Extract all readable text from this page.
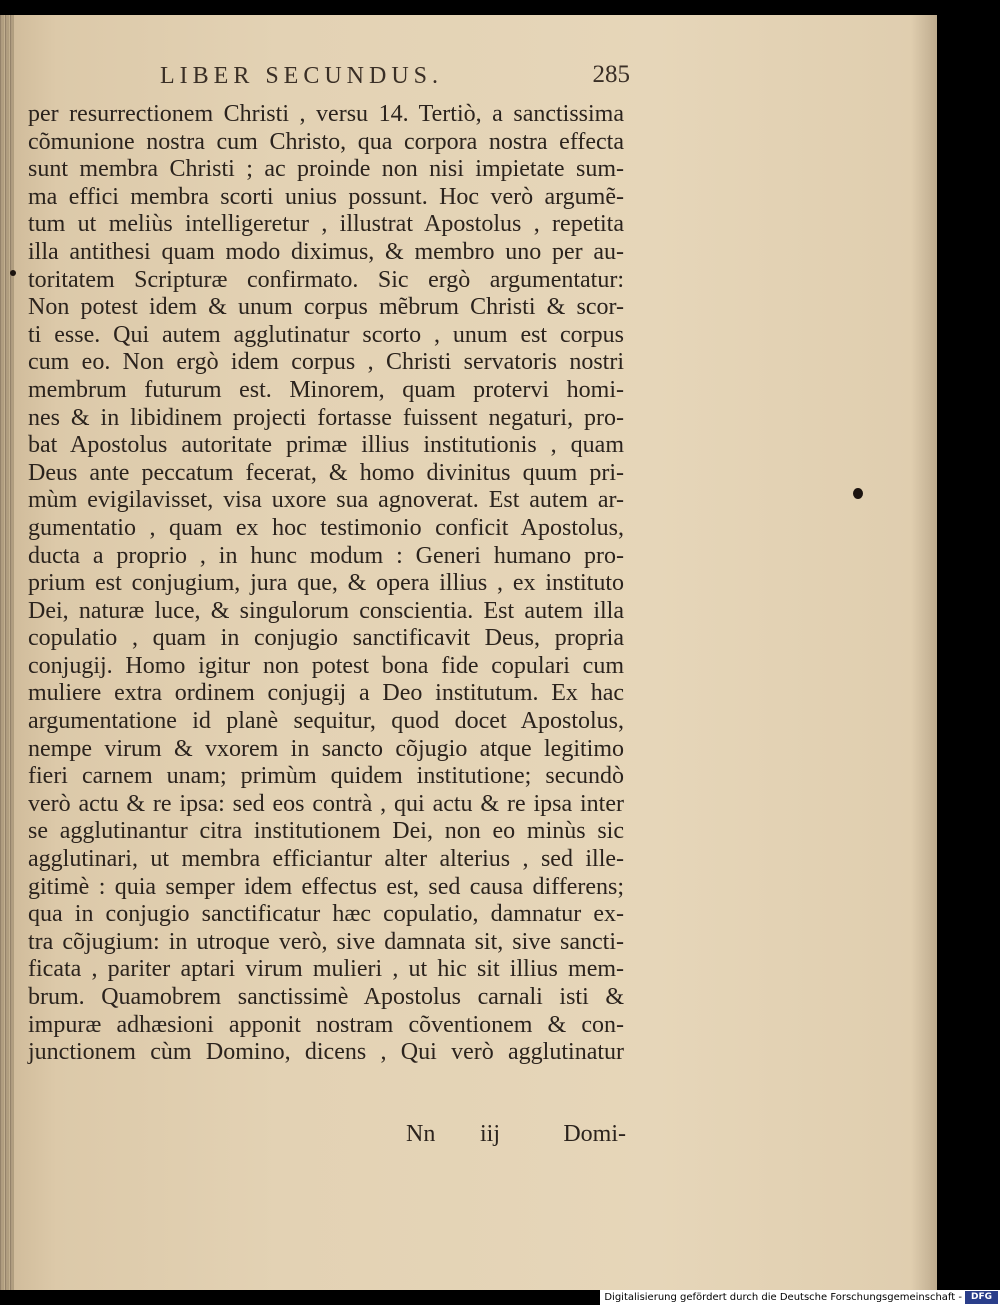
LIBER SECUNDUS.	285
per resurrectionem Christi , versu 14. Tertiò, a sanctissima
cõmunione nostra cum Christo, qua corpora nostra effecta
sunt membra Christi ; ac proinde non nisi impietate sum-
ma effici membra scorti unius possunt. Hoc verò argumẽ-
tum ut meliùs intelligeretur , illustrat Apostolus , repetita
illa antithesi quam modo diximus, & membro uno per au-
toritatem Scripturæ confirmato. Sic ergò argumentatur:
Non potest idem & unum corpus mẽbrum Christi & scor-
ti esse. Qui autem agglutinatur scorto , unum est corpus
cum eo. Non ergò idem corpus , Christi servatoris nostri
membrum futurum est. Minorem, quam protervi homi-
nes & in libidinem projecti fortasse fuissent negaturi, pro-
bat Apostolus autoritate primæ illius institutionis , quam
Deus ante peccatum fecerat, & homo divinitus quum pri-
mùm evigilavisset, visa uxore sua agnoverat. Est autem ar-
gumentatio , quam ex hoc testimonio conficit Apostolus,
ducta a proprio , in hunc modum : Generi humano pro-
prium est conjugium, jura que, & opera illius , ex instituto
Dei, naturæ luce, & singulorum conscientia. Est autem illa
copulatio , quam in conjugio sanctificavit Deus, propria
conjugij. Homo igitur non potest bona fide copulari cum
muliere extra ordinem conjugij a Deo institutum. Ex hac
argumentatione id planè sequitur, quod docet Apostolus,
nempe virum & vxorem in sancto cõjugio atque legitimo
fieri carnem unam; primùm quidem institutione; secundò
verò actu & re ipsa: sed eos contrà , qui actu & re ipsa inter
se agglutinantur citra institutionem Dei, non eo minùs sic
agglutinari, ut membra efficiantur alter alterius , sed ille-
gitimè : quia semper idem effectus est, sed causa differens;
qua in conjugio sanctificatur hæc copulatio, damnatur ex-
tra cõjugium: in utroque verò, sive damnata sit, sive sancti-
ficata , pariter aptari virum mulieri , ut hic sit illius mem-
brum. Quamobrem sanctissimè Apostolus carnali isti &
impuræ adhæsioni apponit nostram cõventionem & con-
junctionem cùm Domino, dicens , Qui verò agglutinatur
Nn iij	Domi-
Digitalisierung gefördert durch die Deutsche Forschungsgemeinschaft - DFG
